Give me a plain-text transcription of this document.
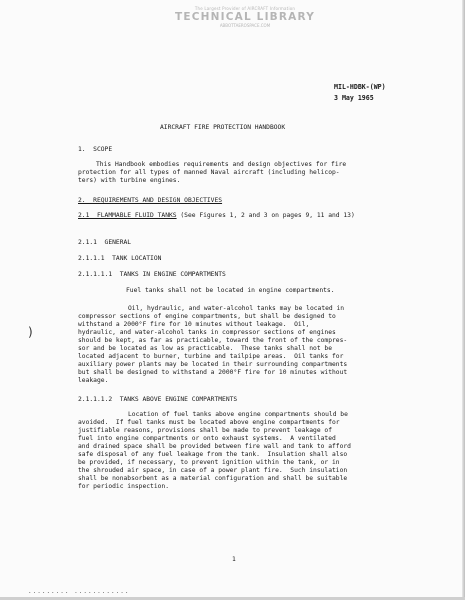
The Largest Provider of AIRCRAFT Information
TECHNICAL LIBRARY
ABBOTTAEROSPACE.COM
MIL-HDBK-(WP)
3 May 1965
AIRCRAFT FIRE PROTECTION HANDBOOK
1.  SCOPE
This Handbook embodies requirements and design objectives for fire
protection for all types of manned Naval aircraft (including helicop-
ters) with turbine engines.
2.  REQUIREMENTS AND DESIGN OBJECTIVES
2.1  FLAMMABLE FLUID TANKS (See Figures 1, 2 and 3 on pages 9, 11 and 13)
2.1.1  GENERAL
2.1.1.1  TANK LOCATION
2.1.1.1.1  TANKS IN ENGINE COMPARTMENTS
Fuel tanks shall not be located in engine compartments.
Oil, hydraulic, and water-alcohol tanks may be located in
compressor sections of engine compartments, but shall be designed to
withstand a 2000°F fire for 10 minutes without leakage.  Oil,
hydraulic, and water-alcohol tanks in compressor sections of engines
should be kept, as far as practicable, toward the front of the compres-
sor and be located as low as practicable.  These tanks shall not be
located adjacent to burner, turbine and tailpipe areas.  Oil tanks for
auxiliary power plants may be located in their surrounding compartments
but shall be designed to withstand a 2000°F fire for 10 minutes without
leakage.
2.1.1.1.2  TANKS ABOVE ENGINE COMPARTMENTS
Location of fuel tanks above engine compartments should be
avoided.  If fuel tanks must be located above engine compartments for
justifiable reasons, provisions shall be made to prevent leakage of
fuel into engine compartments or onto exhaust systems.  A ventilated
and drained space shall be provided between fire wall and tank to afford
safe disposal of any fuel leakage from the tank.  Insulation shall also
be provided, if necessary, to prevent ignition within the tank, or in
the shrouded air space, in case of a power plant fire.  Such insulation
shall be nonabsorbent as a material configuration and shall be suitable
for periodic inspection.
)
1
......... ............
